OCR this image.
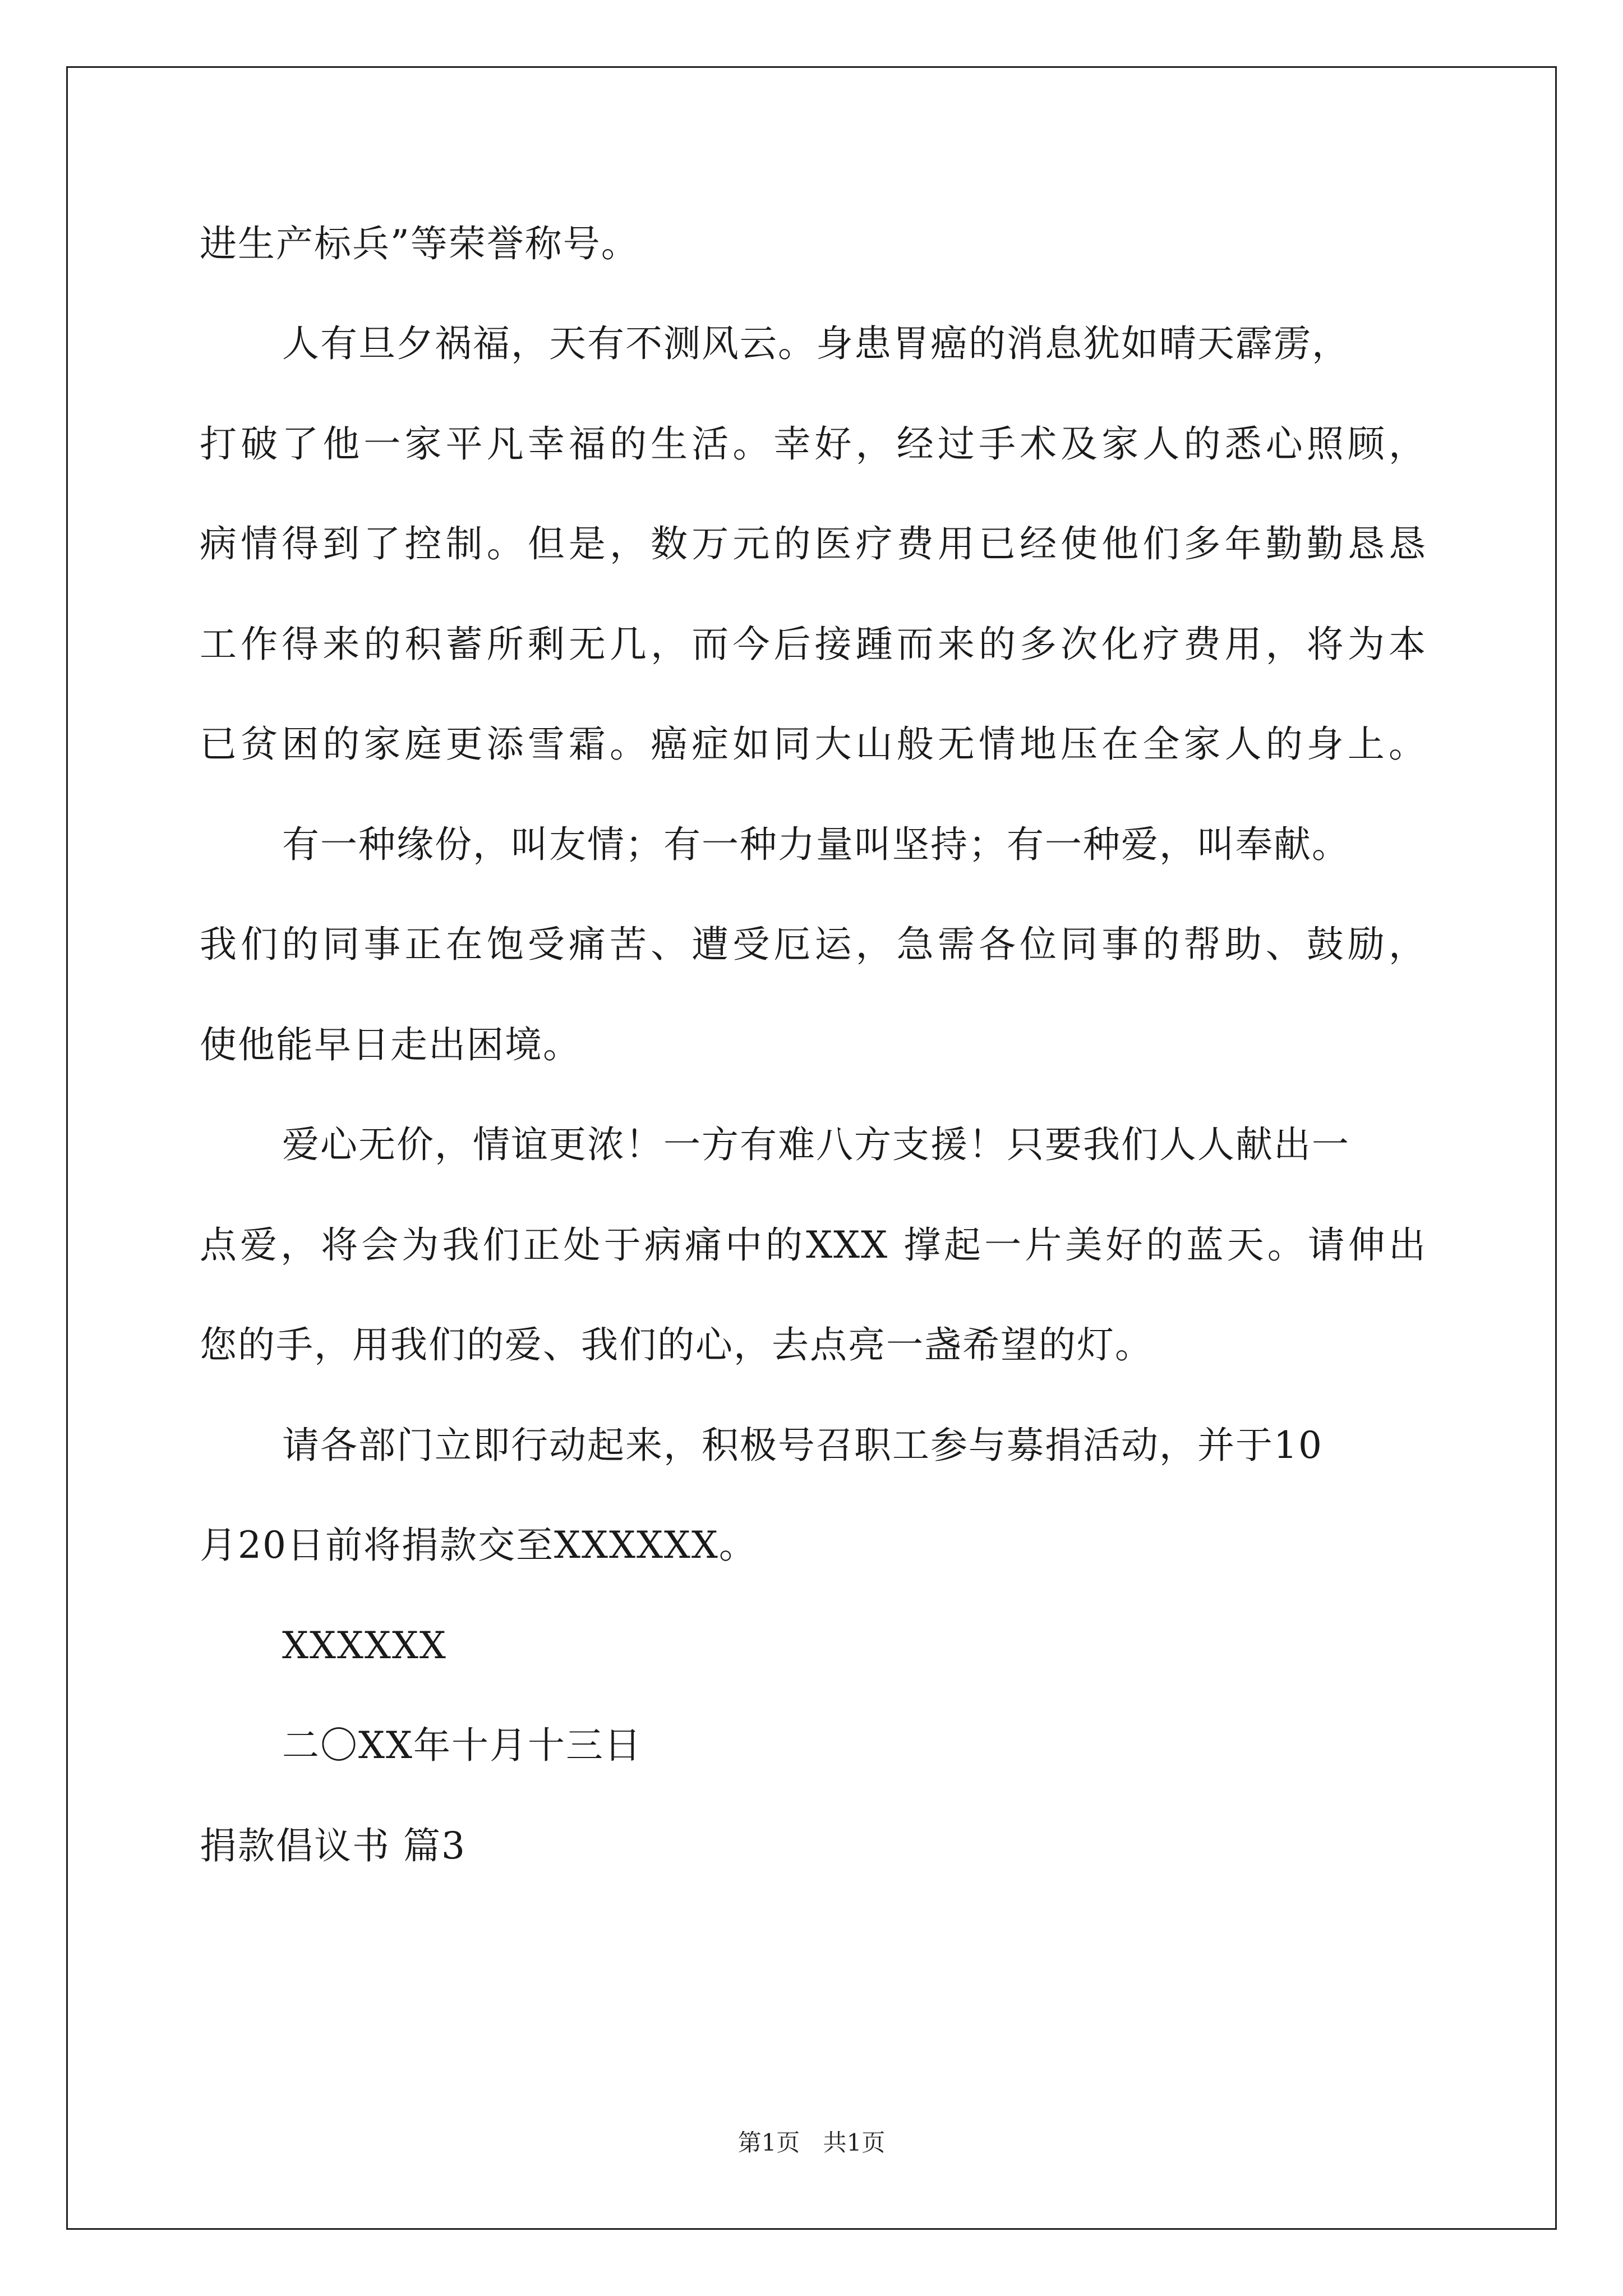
进生产标兵”等荣誉称号。
人有旦夕祸福，天有不测风云。身患胃癌的消息犹如晴天霹雳，
打破了他一家平凡幸福的生活。幸好，经过手术及家人的悉心照顾，
病情得到了控制。但是，数万元的医疗费用已经使他们多年勤勤恳恳
工作得来的积蓄所剩无几，而今后接踵而来的多次化疗费用，将为本
已贫困的家庭更添雪霜。癌症如同大山般无情地压在全家人的身上。
有一种缘份，叫友情；有一种力量叫坚持；有一种爱，叫奉献。
我们的同事正在饱受痛苦、遭受厄运，急需各位同事的帮助、鼓励，
使他能早日走出困境。
爱心无价，情谊更浓！一方有难八方支援！只要我们人人献出一
点爱，将会为我们正处于病痛中的XXX 撑起一片美好的蓝天。请伸出
您的手，用我们的爱、我们的心，去点亮一盏希望的灯。
请各部门立即行动起来，积极号召职工参与募捐活动，并于10
月20日前将捐款交至XXXXXX。
XXXXXX
二〇XX年十月十三日
捐款倡议书 篇3
第1页 共1页
